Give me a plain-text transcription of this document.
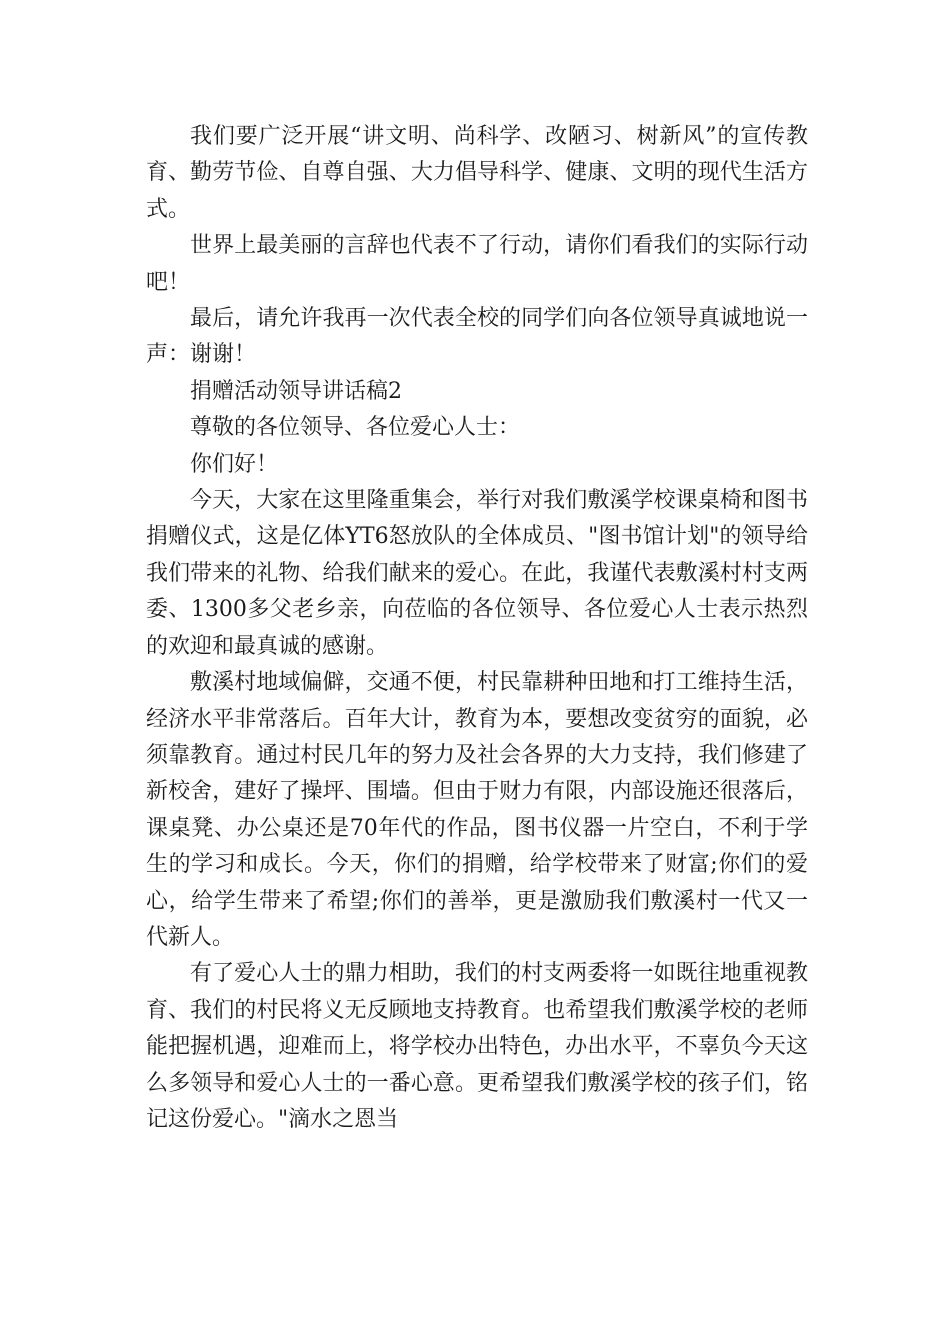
我们要广泛开展“讲文明、尚科学、改陋习、树新风”的宣传教育、勤劳节俭、自尊自强、大力倡导科学、健康、文明的现代生活方式。

世界上最美丽的言辞也代表不了行动，请你们看我们的实际行动吧！

最后，请允许我再一次代表全校的同学们向各位领导真诚地说一声：谢谢！

捐赠活动领导讲话稿2

尊敬的各位领导、各位爱心人士：

你们好！

今天，大家在这里隆重集会，举行对我们敷溪学校课桌椅和图书捐赠仪式，这是亿体YT6怒放队的全体成员、"图书馆计划"的领导给我们带来的礼物、给我们献来的爱心。在此，我谨代表敷溪村村支两委、1300多父老乡亲，向莅临的各位领导、各位爱心人士表示热烈的欢迎和最真诚的感谢。

敷溪村地域偏僻，交通不便，村民靠耕种田地和打工维持生活，经济水平非常落后。百年大计，教育为本，要想改变贫穷的面貌，必须靠教育。通过村民几年的努力及社会各界的大力支持，我们修建了新校舍，建好了操坪、围墙。但由于财力有限，内部设施还很落后，课桌凳、办公桌还是70年代的作品，图书仪器一片空白，不利于学生的学习和成长。今天，你们的捐赠，给学校带来了财富;你们的爱心，给学生带来了希望;你们的善举，更是激励我们敷溪村一代又一代新人。

有了爱心人士的鼎力相助，我们的村支两委将一如既往地重视教育、我们的村民将义无反顾地支持教育。也希望我们敷溪学校的老师能把握机遇，迎难而上，将学校办出特色，办出水平，不辜负今天这么多领导和爱心人士的一番心意。更希望我们敷溪学校的孩子们，铭记这份爱心。"滴水之恩当
